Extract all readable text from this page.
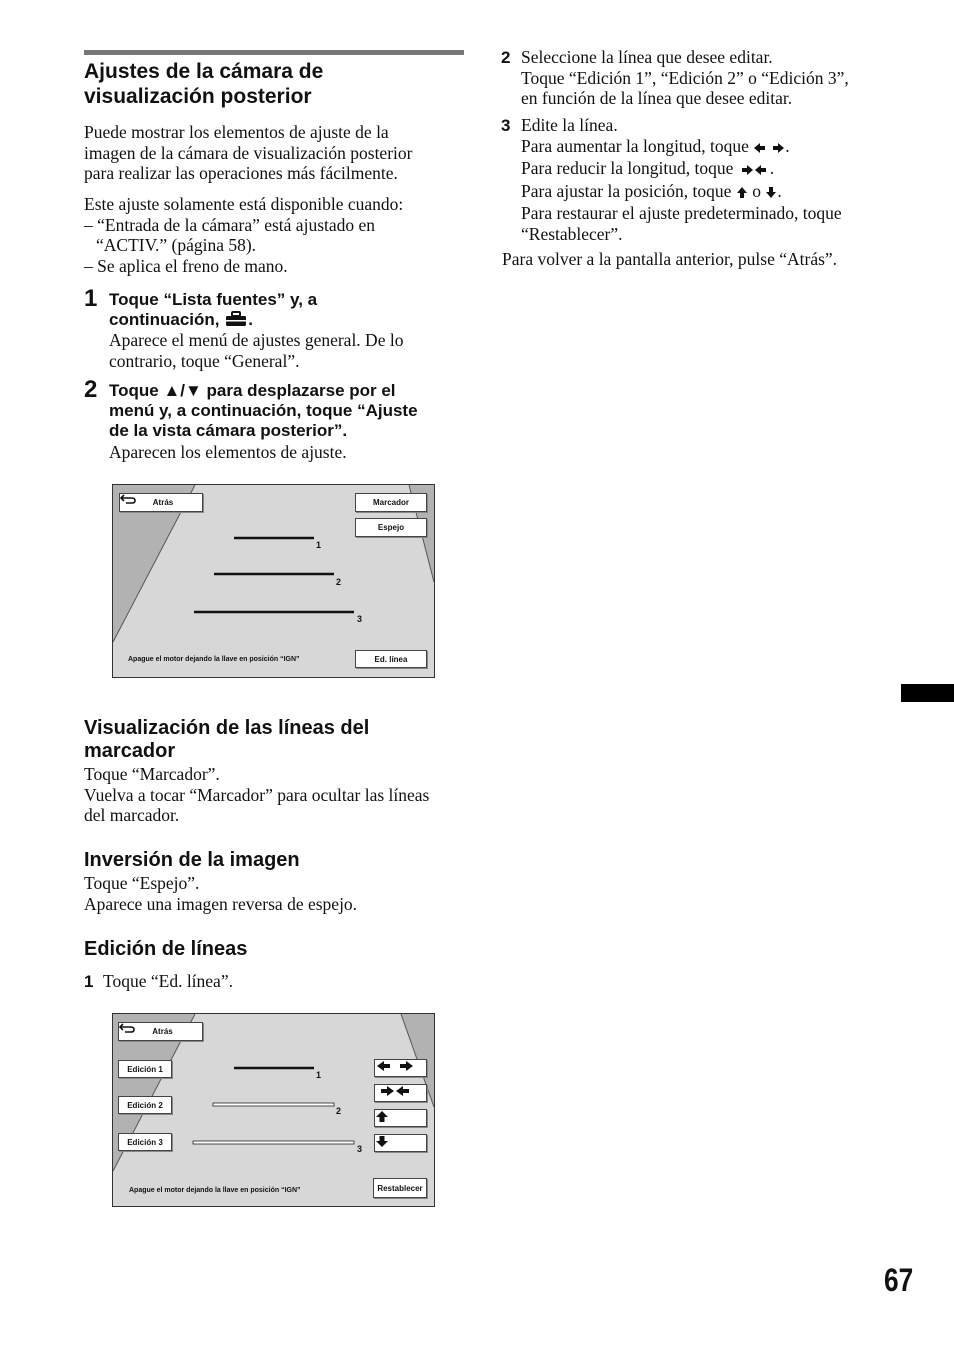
Ajustes de la cámara de
visualización posterior
Puede mostrar los elementos de ajuste de la
imagen de la cámara de visualización posterior
para realizar las operaciones más fácilmente.
Este ajuste solamente está disponible cuando:
– “Entrada de la cámara” está ajustado en
“ACTIV.” (página 58).
– Se aplica el freno de mano.
1 Toque “Lista fuentes” y, a
continuación, .
Aparece el menú de ajustes general. De lo
contrario, toque “General”.
2 Toque ▲/▼ para desplazarse por el
menú y, a continuación, toque “Ajuste
de la vista cámara posterior”.
Aparecen los elementos de ajuste.
Atrás	Marcador
Espejo
1
2
3
Apague el motor dejando la llave en posición “IGN”	Ed. línea
Visualización de las líneas del
marcador
Toque “Marcador”.
Vuelva a tocar “Marcador” para ocultar las líneas
del marcador.
Inversión de la imagen
Toque “Espejo”.
Aparece una imagen reversa de espejo.
Edición de líneas
1 Toque “Ed. línea”.
Atrás
Edición 1
Edición 2
Edición 3
1
2
3
Apague el motor dejando la llave en posición “IGN”	Restablecer
2 Seleccione la línea que desee editar.
Toque “Edición 1”, “Edición 2” o “Edición 3”,
en función de la línea que desee editar.
3 Edite la línea.
Para aumentar la longitud, toque .
Para reducir la longitud, toque .
Para ajustar la posición, toque o .
Para restaurar el ajuste predeterminado, toque
“Restablecer”.
Para volver a la pantalla anterior, pulse “Atrás”.
67
